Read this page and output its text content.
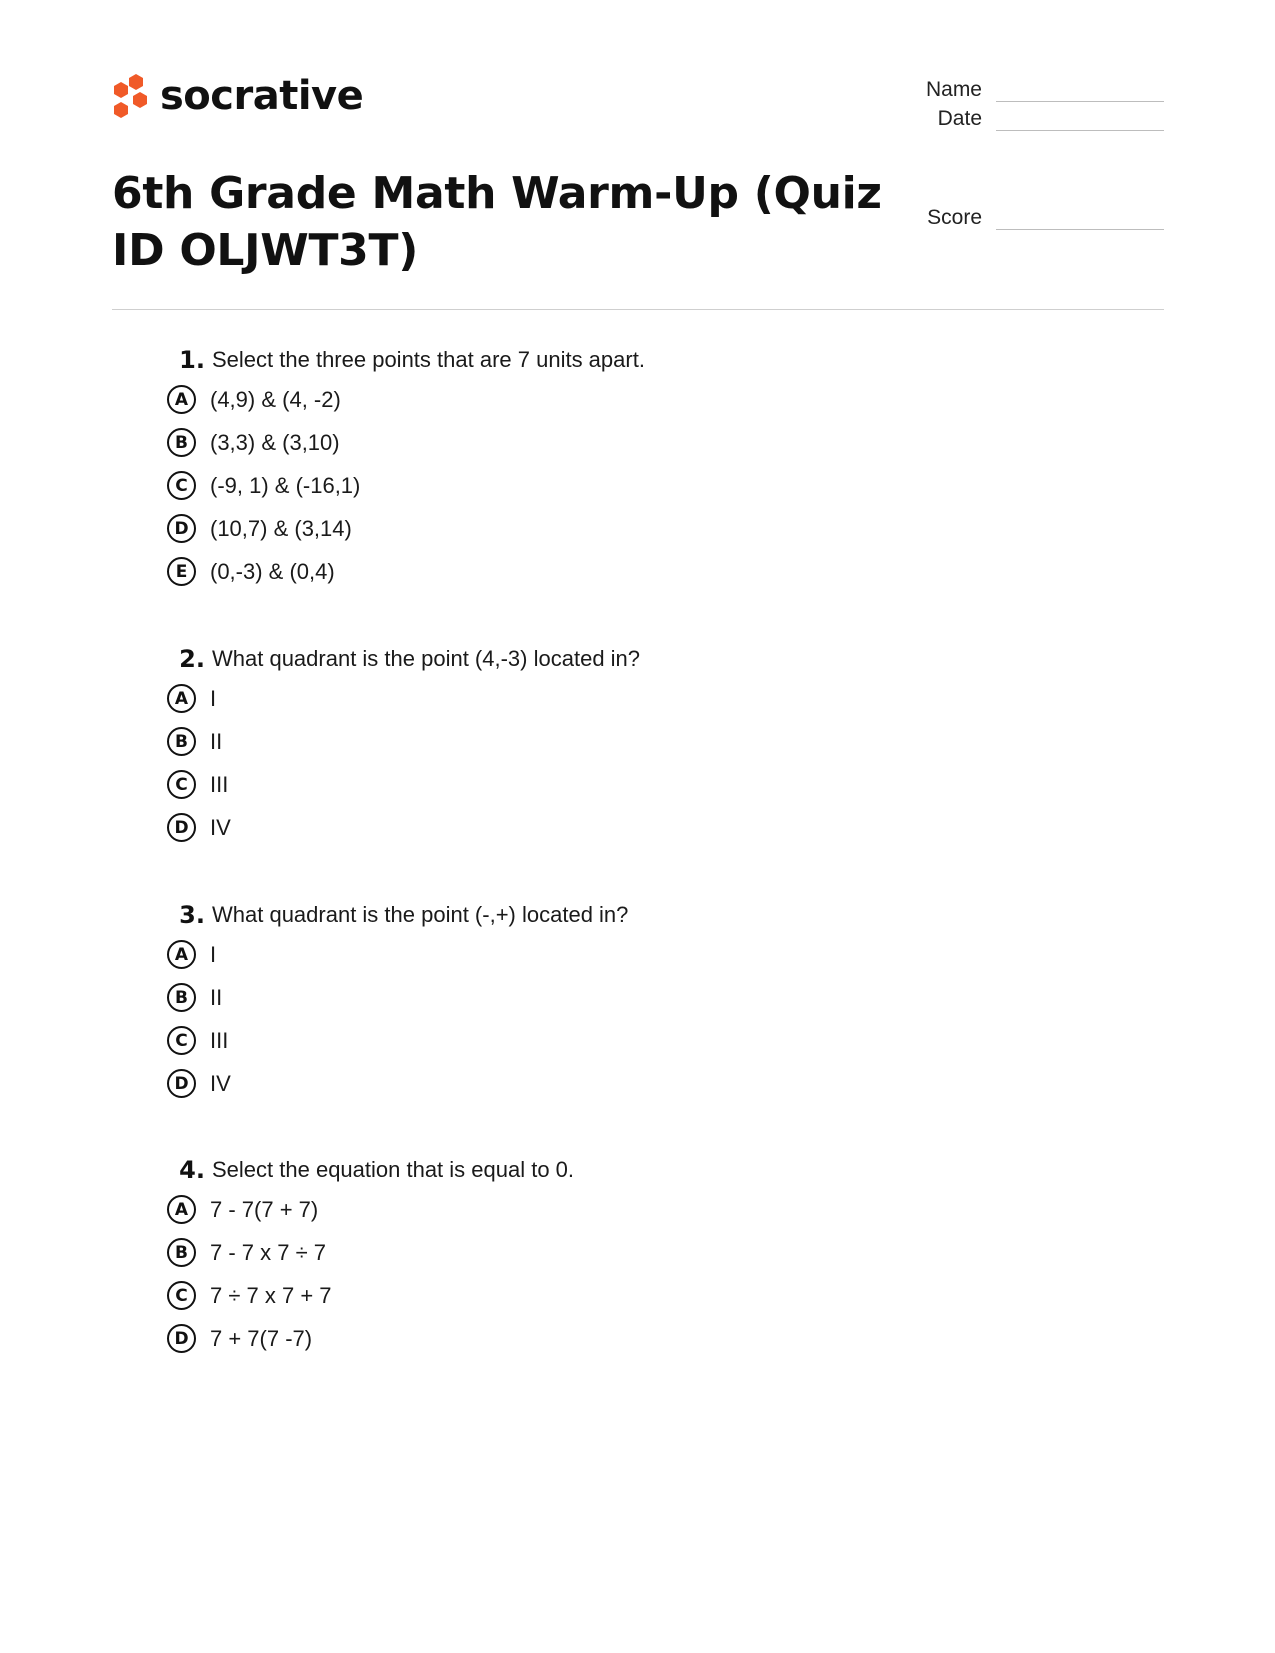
socrative	Name
Date
Score
6th Grade Math Warm-Up (Quiz ID OLJWT3T)
1. Select the three points that are 7 units apart.
A (4,9) & (4, -2)
B	(3,3) & (3,10)
C	(-9, 1) & (-16,1)
D (10,7) & (3,14)
E	(0,-3) & (0,4)
2. What quadrant is the point (4,-3) located in?
A I
B	II
C	III
D IV
3. What quadrant is the point (-,+) located in?
A I
B	II
C	III
D IV
4. Select the equation that is equal to 0.
A 7 - 7(7 + 7)
B	7 - 7 x 7 ÷ 7
C	7 ÷ 7 x 7 + 7
D 7 + 7(7 -7)
